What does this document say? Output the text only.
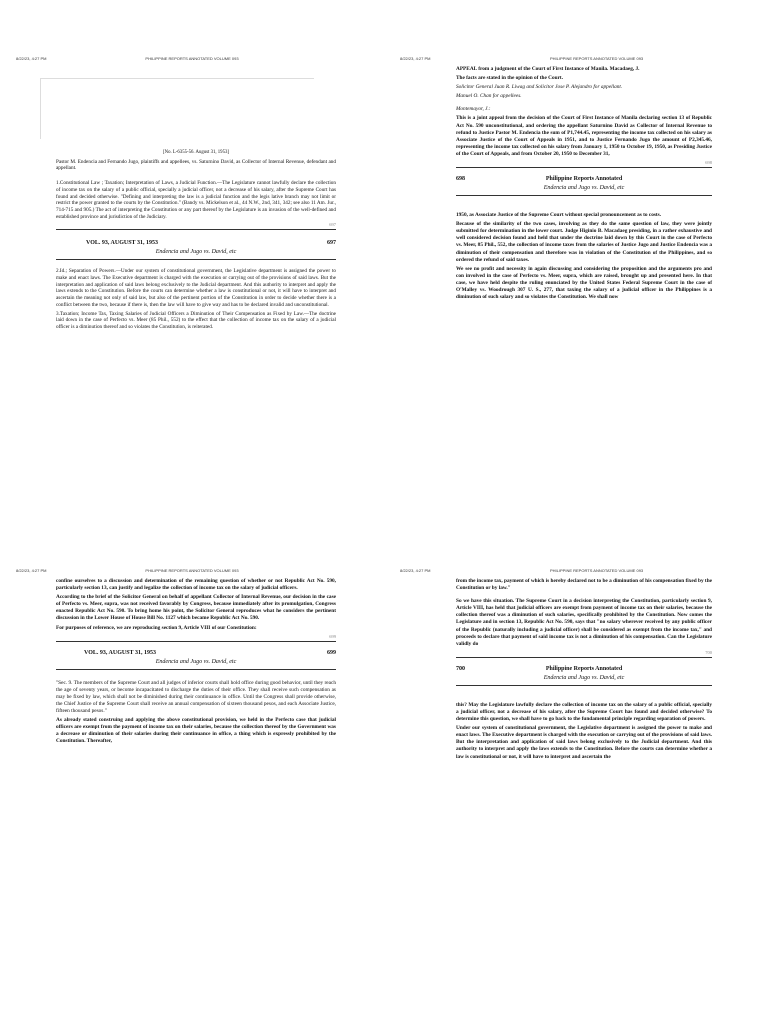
8/22/23, 4:27 PM	PHILIPPINE REPORTS ANNOTATED VOLUME 093

[No. L-6355-56. August 31, 1953]

Pastor M. Endencia and Fernando Jugo, plaintiffs and appellees, vs. Saturnino David, as Collector of Internal Revenue, defendant and appellant.

1.Constitutional Law ; Taxation; Interpretation of Laws, a Judicial Function.—The Legislature cannot lawfully declare the collection of income tax on the salary of a public official, specially a judicial officer, not a decrease of his salary, after the Supreme Court has found and decided otherwise. "Defining and interpreting the law is a judicial function and the legis lative branch may not limit or restrict the power granted to the courts by the Constitution." (Bandy vs. Mickelson et al., 44 N.W., 2nd, 341, 342; see also 11 Am. Jur., 714-715 and 905.) The act of interpreting the Constitution or any part thereof by the Legislature is an invasion of the well-defined and established province and jurisdiction of the Judiciary.

697
VOL. 93, AUGUST 31, 1953	697
Endencia and Jugo vs. David, etc

2.Id.; Separation of Powers.—Under our system of constitutional government, the Legislative department is assigned the power to make and enact laws. The Executive department is charged with the execution or carrying out of the provisions of said laws. But the interpretation and application of said laws belong exclusively to the Judicial department. And this authority to interpret and apply the laws extends to the Constitution. Before the courts can determine whether a law is constitutional or not, it will have to interpret and ascertain the meaning not only of said law, but also of the pertinent portion of the Constitution in order to decide whether there is a conflict between the two, because if there is, then the law will have to give way and has to be declared invalid and unconstitutional.

3.Taxation; Income Tax, Taxing Salaries of Judicial Officers a Diminution of Their Compensation as Fixed by Law.—The doctrine laid down in the case of Perfecto vs. Meer (85 Phil., 552) to the effect that the collection of income tax on the salary of a judicial officer is a diminution thereof and so violates the Constitution, is reiterated.

8/22/23, 4:27 PM	PHILIPPINE REPORTS ANNOTATED VOLUME 093

APPEAL from a judgment of the Court of First Instance of Manila. Macadaeg, J.

The facts are stated in the opinion of the Court.

Solicitor General Juan R. Liwag and Solicitor Jose P. Alejandro for appellant.

Manuel O. Chan for appellees.

Montemayor, J.:

This is a joint appeal from the decision of the Court of First Instance of Manila declaring section 13 of Republic Act No. 590 unconstitutional, and ordering the appellant Saturnino David as Collector of Internal Revenue to refund to Justice Pastor M. Endencia the sum of P1,744.45, representing the income tax collected on his salary as Associate Justice of the Court of Appeals in 1951, and to Justice Fernando Jugo the amount of P2,345.46, representing the income tax collected on his salary from January 1, 1950 to October 19, 1950, as Presiding Justice of the Court of Appeals, and from October 20, 1950 to December 31,

698
698	Philippine Reports Annotated
Endencia and Jugo vs. David, etc

1950, as Associate Justice of the Supreme Court without special pronouncement as to costs.

Because of the similarity of the two cases, involving as they do the same question of law, they were jointly submitted for determination in the lower court. Judge Higinio B. Macadaeg presiding, in a rather exhaustive and well considered decision found and held that under the doctrine laid down by this Court in the case of Perfecto vs. Meer, 85 Phil., 552, the collection of income taxes from the salaries of Justice Jugo and Justice Endencia was a diminution of their compensation and therefore was in violation of the Constitution of the Philippines, and so ordered the refund of said taxes.

We see no profit and necessity in again discussing and considering the proposition and the arguments pro and con involved in the case of Perfecto vs. Meer, supra, which are raised, brought up and presented here. In that case, we have held despite the ruling enunciated by the United States Federal Supreme Court in the case of O'Malley vs. Woodrough 307 U. S., 277, that taxing the salary of a judicial officer in the Philippines is a diminution of such salary and so violates the Constitution. We shall now

8/22/23, 4:27 PM	PHILIPPINE REPORTS ANNOTATED VOLUME 093

confine ourselves to a discussion and determination of the remaining question of whether or not Republic Act No. 590, particularly section 13, can justify and legalize the collection of income tax on the salary of judicial officers.

According to the brief of the Solicitor General on behalf of appellant Collector of Internal Revenue, our decision in the case of Perfecto vs. Meer, supra, was not received favorably by Congress, because immediately after its promulgation, Congress enacted Republic Act No. 590. To bring home his point, the Solicitor General reproduces what he considers the pertinent discussion in the Lower House of House Bill No. 1127 which became Republic Act No. 590.

For purposes of reference, we are reproducing section 9, Article VIII of our Constitution:

699
VOL. 93, AUGUST 31, 1953	699
Endencia and Jugo vs. David, etc

"Sec. 9. The members of the Supreme Court and all judges of inferior courts shall hold office during good behavior, until they reach the age of seventy years, or become incapacitated to discharge the duties of their office. They shall receive such compensation as may be fixed by law, which shall not be diminished during their continuance in office. Until the Congress shall provide otherwise, the Chief Justice of the Supreme Court shall receive an annual compensation of sixteen thousand pesos, and each Associate Justice, fifteen thousand pesos."

As already stated construing and applying the above constitutional provision, we held in the Perfecto case that judicial officers are exempt from the payment of income tax on their salaries, because the collection thereof by the Government was a decrease or diminution of their salaries during their continuance in office, a thing which is expressly prohibited by the Constitution. Thereafter,

8/22/23, 4:27 PM	PHILIPPINE REPORTS ANNOTATED VOLUME 093

from the income tax, payment of which is hereby declared not to be a diminution of his compensation fixed by the Constitution or by law."

So we have this situation. The Supreme Court in a decision interpreting the Constitution, particularly section 9, Article VIII, has held that judicial officers are exempt from payment of income tax on their salaries, because the collection thereof was a diminution of such salaries, specifically prohibited by the Constitution. Now comes the Legislature and in section 13, Republic Act No. 590, says that "no salary wherever received by any public officer of the Republic (naturally including a judicial officer) shall be considered as exempt from the income tax," and proceeds to declare that payment of said income tax is not a diminution of his compensation. Can the Legislature validly do

700
700	Philippine Reports Annotated
Endencia and Jugo vs. David, etc

this? May the Legislature lawfully declare the collection of income tax on the salary of a public official, specially a judicial officer, not a decrease of his salary, after the Supreme Court has found and decided otherwise? To determine this question, we shall have to go back to the fundamental principle regarding separation of powers.

Under our system of constitutional government, the Legislative department is assigned the power to make and enact laws. The Executive department is charged with the execution or carrying out of the provisions of said laws. But the interpretation and application of said laws belong exclusively to the Judicial department. And this authority to interpret and apply the laws extends to the Constitution. Before the courts can determine whether a law is constitutional or not, it will have to interpret and ascertain the
